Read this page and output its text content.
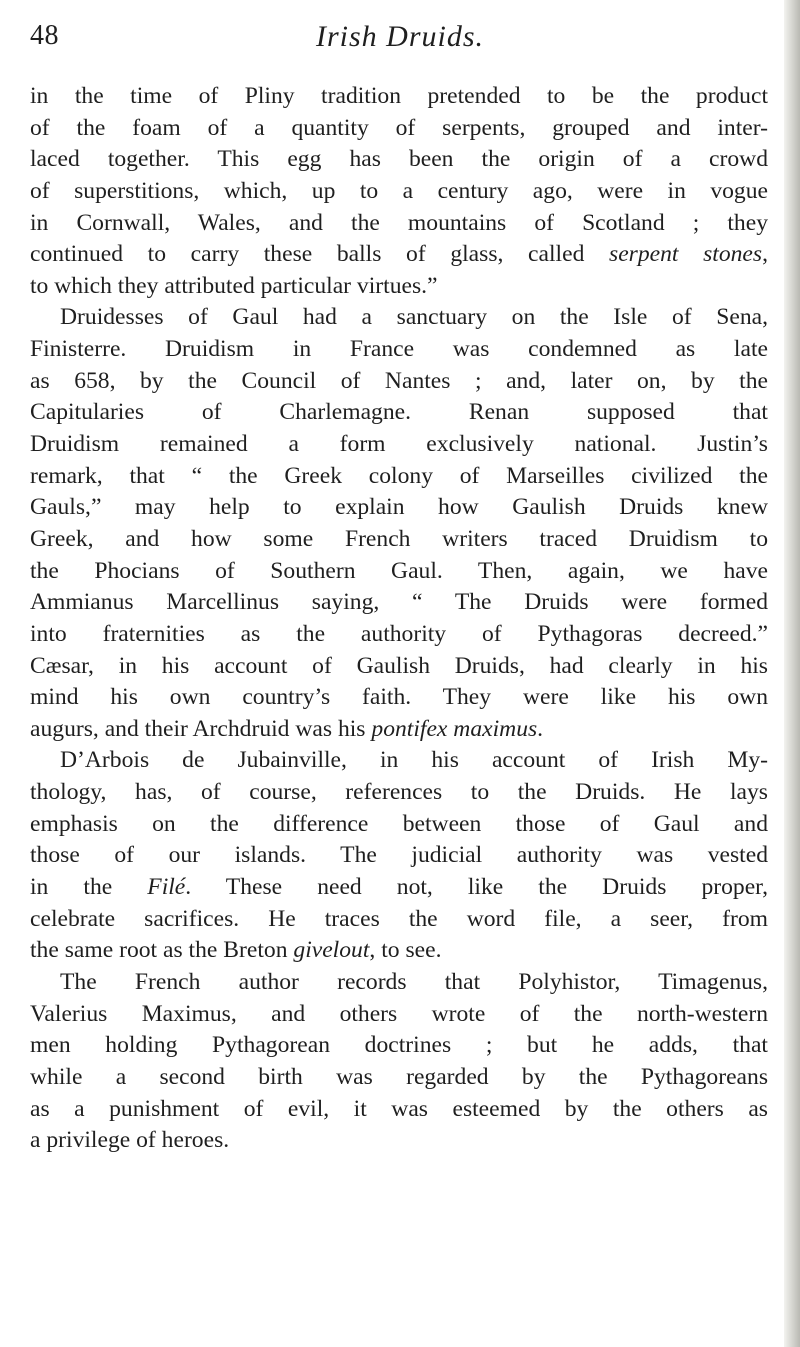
48	Irish Druids.
in the time of Pliny tradition pretended to be the product
of the foam of a quantity of serpents, grouped and inter-
laced together. This egg has been the origin of a crowd
of superstitions, which, up to a century ago, were in vogue
in Cornwall, Wales, and the mountains of Scotland ; they
continued to carry these balls of glass, called serpent stones,
to which they attributed particular virtues.”
Druidesses of Gaul had a sanctuary on the Isle of Sena,
Finisterre. Druidism in France was condemned as late
as 658, by the Council of Nantes ; and, later on, by the
Capitularies of Charlemagne. Renan supposed that
Druidism remained a form exclusively national. Justin’s
remark, that “ the Greek colony of Marseilles civilized the
Gauls,” may help to explain how Gaulish Druids knew
Greek, and how some French writers traced Druidism to
the Phocians of Southern Gaul. Then, again, we have
Ammianus Marcellinus saying, “ The Druids were formed
into fraternities as the authority of Pythagoras decreed.”
Cæsar, in his account of Gaulish Druids, had clearly in his
mind his own country’s faith. They were like his own
augurs, and their Archdruid was his pontifex maximus.
D’Arbois de Jubainville, in his account of Irish My-
thology, has, of course, references to the Druids. He lays
emphasis on the difference between those of Gaul and
those of our islands. The judicial authority was vested
in the Filé. These need not, like the Druids proper,
celebrate sacrifices. He traces the word file, a seer, from
the same root as the Breton givelout, to see.
The French author records that Polyhistor, Timagenus,
Valerius Maximus, and others wrote of the north-western
men holding Pythagorean doctrines ; but he adds, that
while a second birth was regarded by the Pythagoreans
as a punishment of evil, it was esteemed by the others as
a privilege of heroes.
